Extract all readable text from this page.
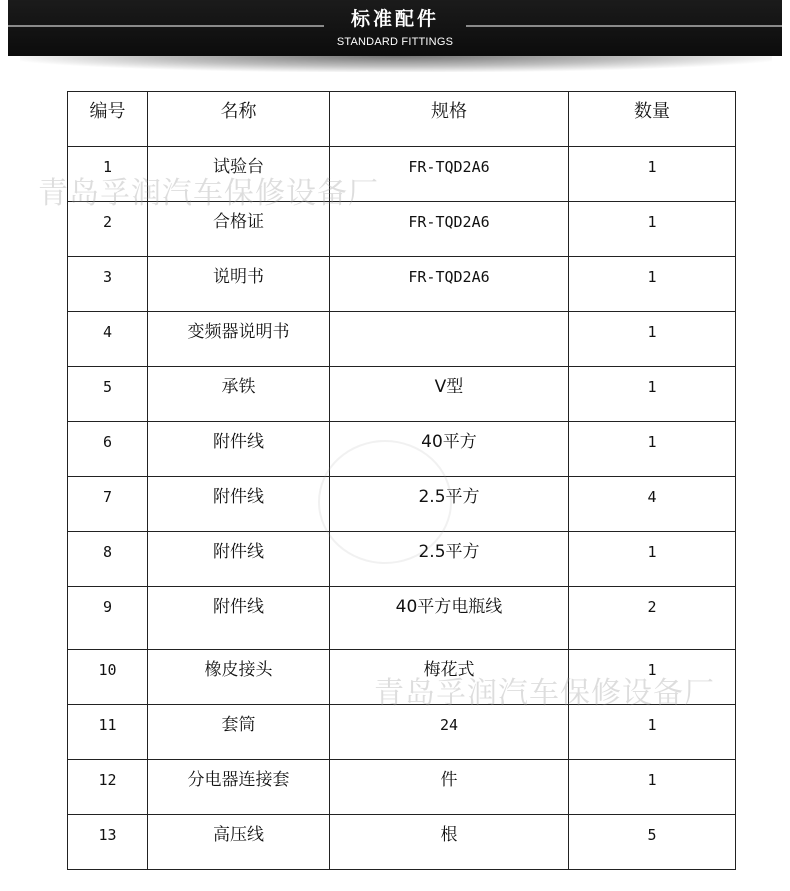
标准配件
STANDARD FITTINGS
编号	名称	规格	数量

1	试验台	FR-TQD2A6	1

2	合格证	FR-TQD2A6	1

3	说明书	FR-TQD2A6	1

4	变频器说明书		1

5	承铁	V型	1

6	附件线	40平方	1

7	附件线	2.5平方	4

8	附件线	2.5平方	1

9	附件线	40平方电瓶线	2

10	橡皮接头	梅花式	1

11	套筒	24	1

12	分电器连接套	件	1

13	高压线	根	5
青岛孚润汽车保修设备厂
青岛孚润汽车保修设备厂
